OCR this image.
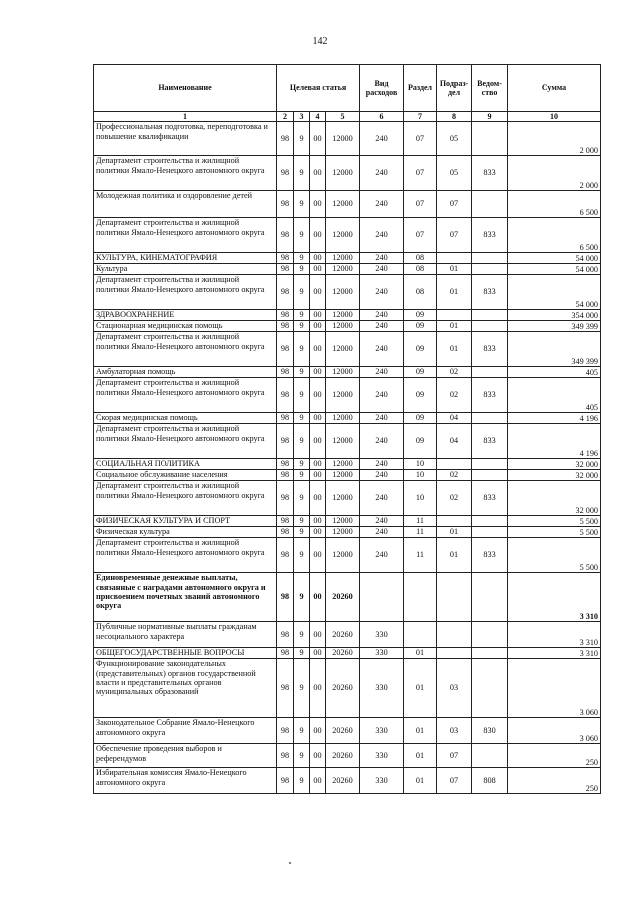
142
Наименование	Целевая статья				Вид расходов	Раздел	Подраз-дел	Ведом-ство	Сумма
1	2	3	4	5	6	7	8	9	10
Профессиональная подготовка, переподготовка и повышение квалификации	98	9	00	12000	240	07	05		2 000
Департамент строительства и жилищной политики Ямало-Ненецкого автономного округа	98	9	00	12000	240	07	05	833	2 000
Молодежная политика и оздоровление детей	98	9	00	12000	240	07	07		6 500
Департамент строительства и жилищной политики Ямало-Ненецкого автономного округа	98	9	00	12000	240	07	07	833	6 500
КУЛЬТУРА, КИНЕМАТОГРАФИЯ	98	9	00	12000	240	08			54 000
Культура	98	9	00	12000	240	08	01		54 000
Департамент строительства и жилищной политики Ямало-Ненецкого автономного округа	98	9	00	12000	240	08	01	833	54 000
ЗДРАВООХРАНЕНИЕ	98	9	00	12000	240	09			354 000
Стационарная медицинская помощь	98	9	00	12000	240	09	01		349 399
Департамент строительства и жилищной политики Ямало-Ненецкого автономного округа	98	9	00	12000	240	09	01	833	349 399
Амбулаторная помощь	98	9	00	12000	240	09	02		405
Департамент строительства и жилищной политики Ямало-Ненецкого автономного округа	98	9	00	12000	240	09	02	833	405
Скорая медицинская помощь	98	9	00	12000	240	09	04		4 196
Департамент строительства и жилищной политики Ямало-Ненецкого автономного округа	98	9	00	12000	240	09	04	833	4 196
СОЦИАЛЬНАЯ ПОЛИТИКА	98	9	00	12000	240	10			32 000
Социальное обслуживание населения	98	9	00	12000	240	10	02		32 000
Департамент строительства и жилищной политики Ямало-Ненецкого автономного округа	98	9	00	12000	240	10	02	833	32 000
ФИЗИЧЕСКАЯ КУЛЬТУРА И СПОРТ	98	9	00	12000	240	11			5 500
Физическая культура	98	9	00	12000	240	11	01		5 500
Департамент строительства и жилищной политики Ямало-Ненецкого автономного округа	98	9	00	12000	240	11	01	833	5 500
Единовременные денежные выплаты, связанные с наградами автономного округа и присвоением почетных званий автономного округа	98	9	00	20260					3 310
Публичные нормативные выплаты гражданам несоциального характера	98	9	00	20260	330				3 310
ОБЩЕГОСУДАРСТВЕННЫЕ ВОПРОСЫ	98	9	00	20260	330	01			3 310
Функционирование законодательных (представительных) органов государственной власти и представительных органов муниципальных образований	98	9	00	20260	330	01	03		3 060
Законодательное Собрание Ямало-Ненецкого автономного округа	98	9	00	20260	330	01	03	830	3 060
Обеспечение проведения выборов и референдумов	98	9	00	20260	330	01	07		250
Избирательная комиссия Ямало-Ненецкого автономного округа	98	9	00	20260	330	01	07	808	250
